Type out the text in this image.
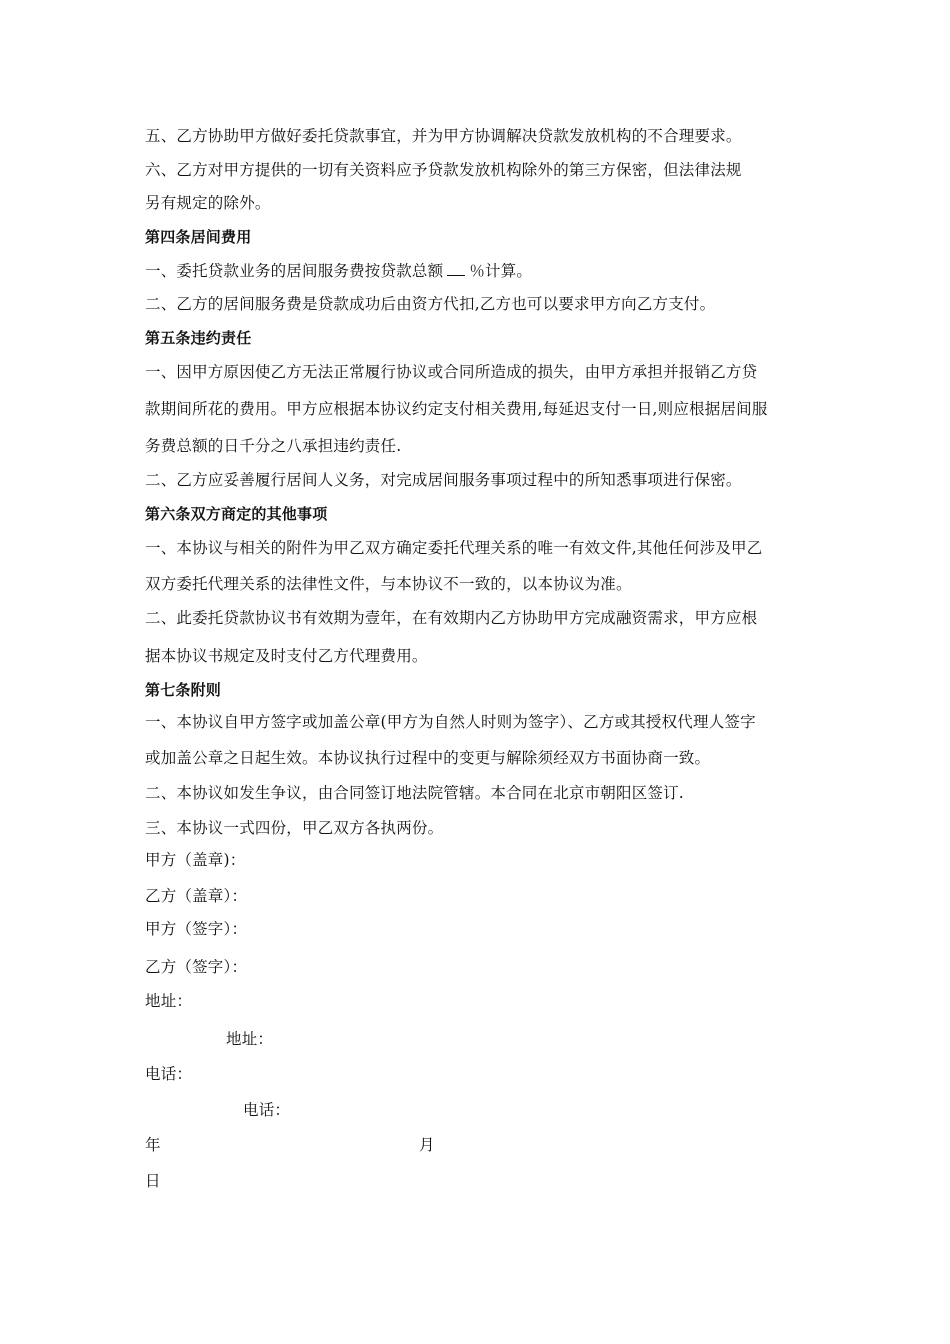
五、乙方协助甲方做好委托贷款事宜，并为甲方协调解决贷款发放机构的不合理要求。
六、乙方对甲方提供的一切有关资料应予贷款发放机构除外的第三方保密，但法律法规
另有规定的除外。
第四条居间费用
一、委托贷款业务的居间服务费按贷款总额 ％计算。
二、乙方的居间服务费是贷款成功后由资方代扣,乙方也可以要求甲方向乙方支付。
第五条违约责任
一、因甲方原因使乙方无法正常履行协议或合同所造成的损失，由甲方承担并报销乙方贷
款期间所花的费用。甲方应根据本协议约定支付相关费用,每延迟支付一日,则应根据居间服
务费总额的日千分之八承担违约责任.
二、乙方应妥善履行居间人义务，对完成居间服务事项过程中的所知悉事项进行保密。
第六条双方商定的其他事项
一、本协议与相关的附件为甲乙双方确定委托代理关系的唯一有效文件,其他任何涉及甲乙
双方委托代理关系的法律性文件，与本协议不一致的，以本协议为准。
二、此委托贷款协议书有效期为壹年，在有效期内乙方协助甲方完成融资需求，甲方应根
据本协议书规定及时支付乙方代理费用。
第七条附则
一、本协议自甲方签字或加盖公章(甲方为自然人时则为签字）、乙方或其授权代理人签字
或加盖公章之日起生效。本协议执行过程中的变更与解除须经双方书面协商一致。
二、本协议如发生争议，由合同签订地法院管辖。本合同在北京市朝阳区签订.
三、本协议一式四份，甲乙双方各执两份。
甲方（盖章)：
乙方（盖章）：
甲方（签字）：
乙方（签字）：
地址：
地址：
电话：
电话：
年	月
日
